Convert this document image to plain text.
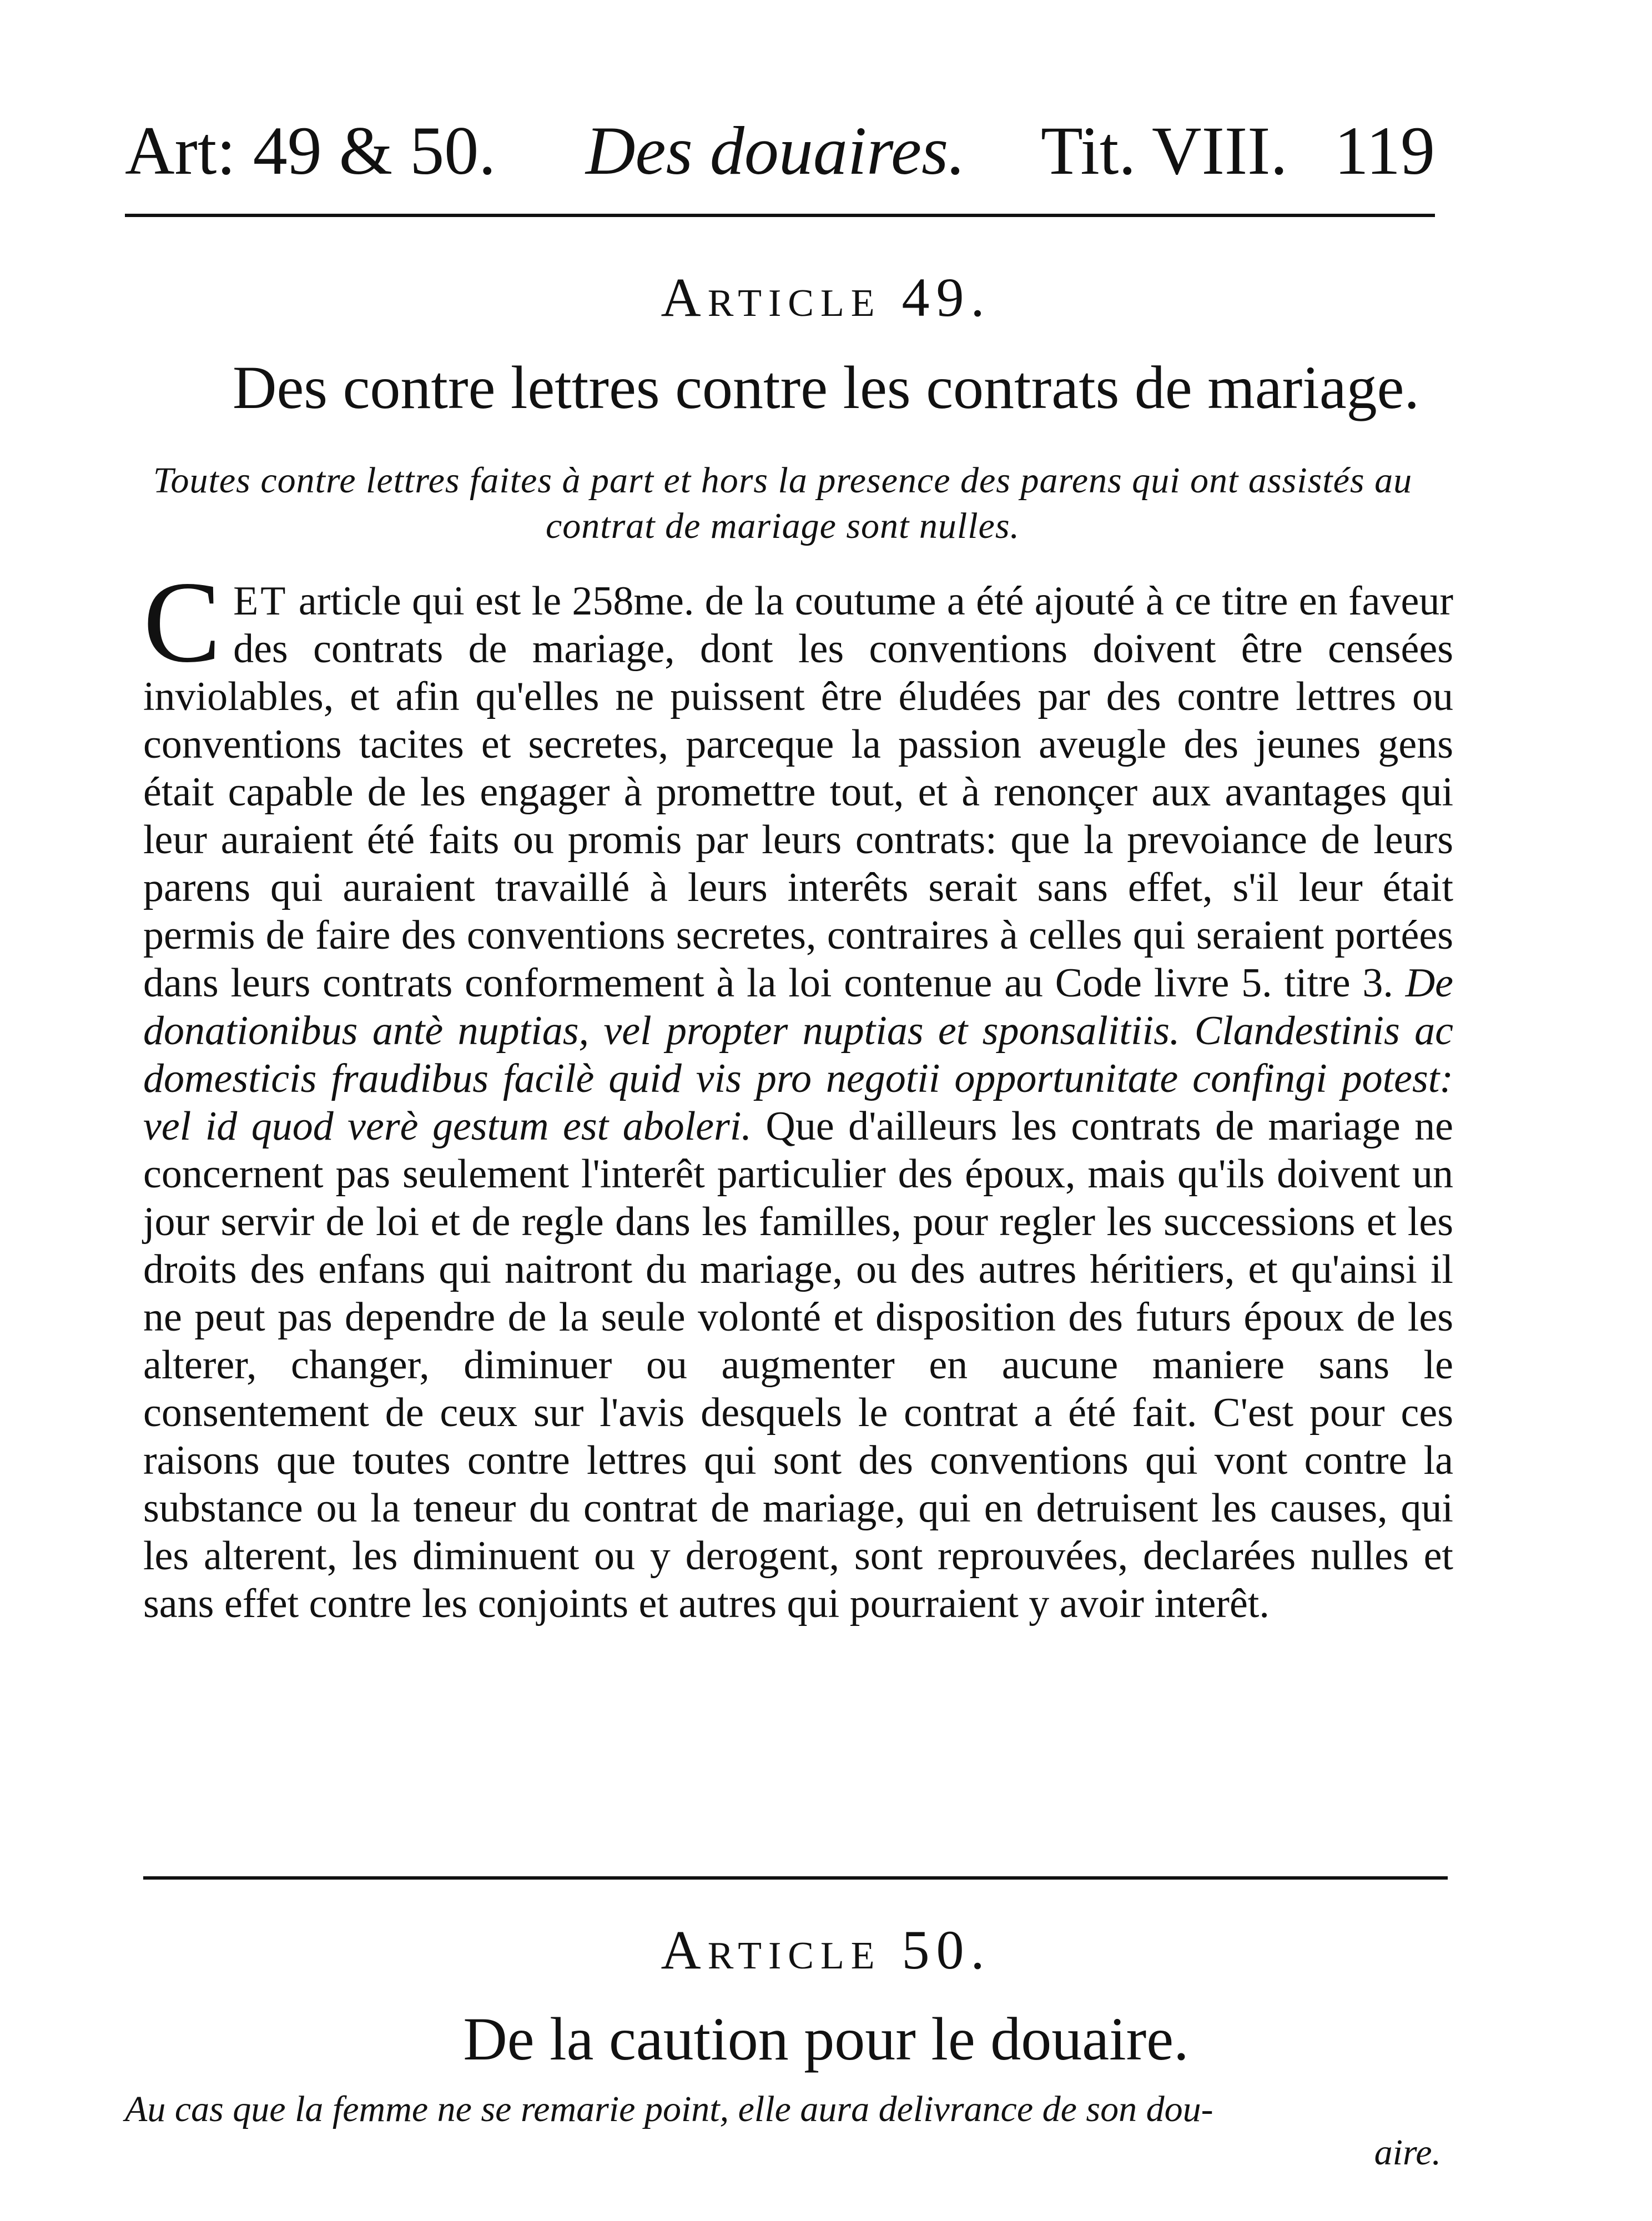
Art: 49 & 50. Des douaires. Tit. VIII. 119
Article 49.
Des contre lettres contre les contrats de mariage.
Toutes contre lettres faites à part et hors la presence des parens qui ont assistés au contrat de mariage sont nulles.
CET article qui est le 258me. de la coutume a été ajouté à ce titre en faveur des contrats de mariage, dont les conventions doivent être censées inviolables, et afin qu'elles ne puissent être éludées par des contre lettres ou conventions tacites et secretes, parceque la passion aveugle des jeunes gens était capable de les engager à promettre tout, et à renonçer aux avantages qui leur auraient été faits ou promis par leurs contrats: que la prevoiance de leurs parens qui auraient travaillé à leurs interêts serait sans effet, s'il leur était permis de faire des conventions secretes, contraires à celles qui seraient portées dans leurs contrats conformement à la loi contenue au Code livre 5. titre 3. De donationibus antè nuptias, vel propter nuptias et sponsalitiis. Clandestinis ac domesticis fraudibus facilè quid vis pro negotii opportunitate confingi potest: vel id quod verè gestum est aboleri. Que d'ailleurs les contrats de mariage ne concernent pas seulement l'interêt particulier des époux, mais qu'ils doivent un jour servir de loi et de regle dans les familles, pour regler les successions et les droits des enfans qui naitront du mariage, ou des autres héritiers, et qu'ainsi il ne peut pas dependre de la seule volonté et disposition des futurs époux de les alterer, changer, diminuer ou augmenter en aucune maniere sans le consentement de ceux sur l'avis desquels le contrat a été fait. C'est pour ces raisons que toutes contre lettres qui sont des conventions qui vont contre la substance ou la teneur du contrat de mariage, qui en detruisent les causes, qui les alterent, les diminuent ou y derogent, sont reprouvées, declarées nulles et sans effet contre les conjoints et autres qui pourraient y avoir interêt.
Article 50.
De la caution pour le douaire.
Au cas que la femme ne se remarie point, elle aura delivrance de son dou-
aire.
